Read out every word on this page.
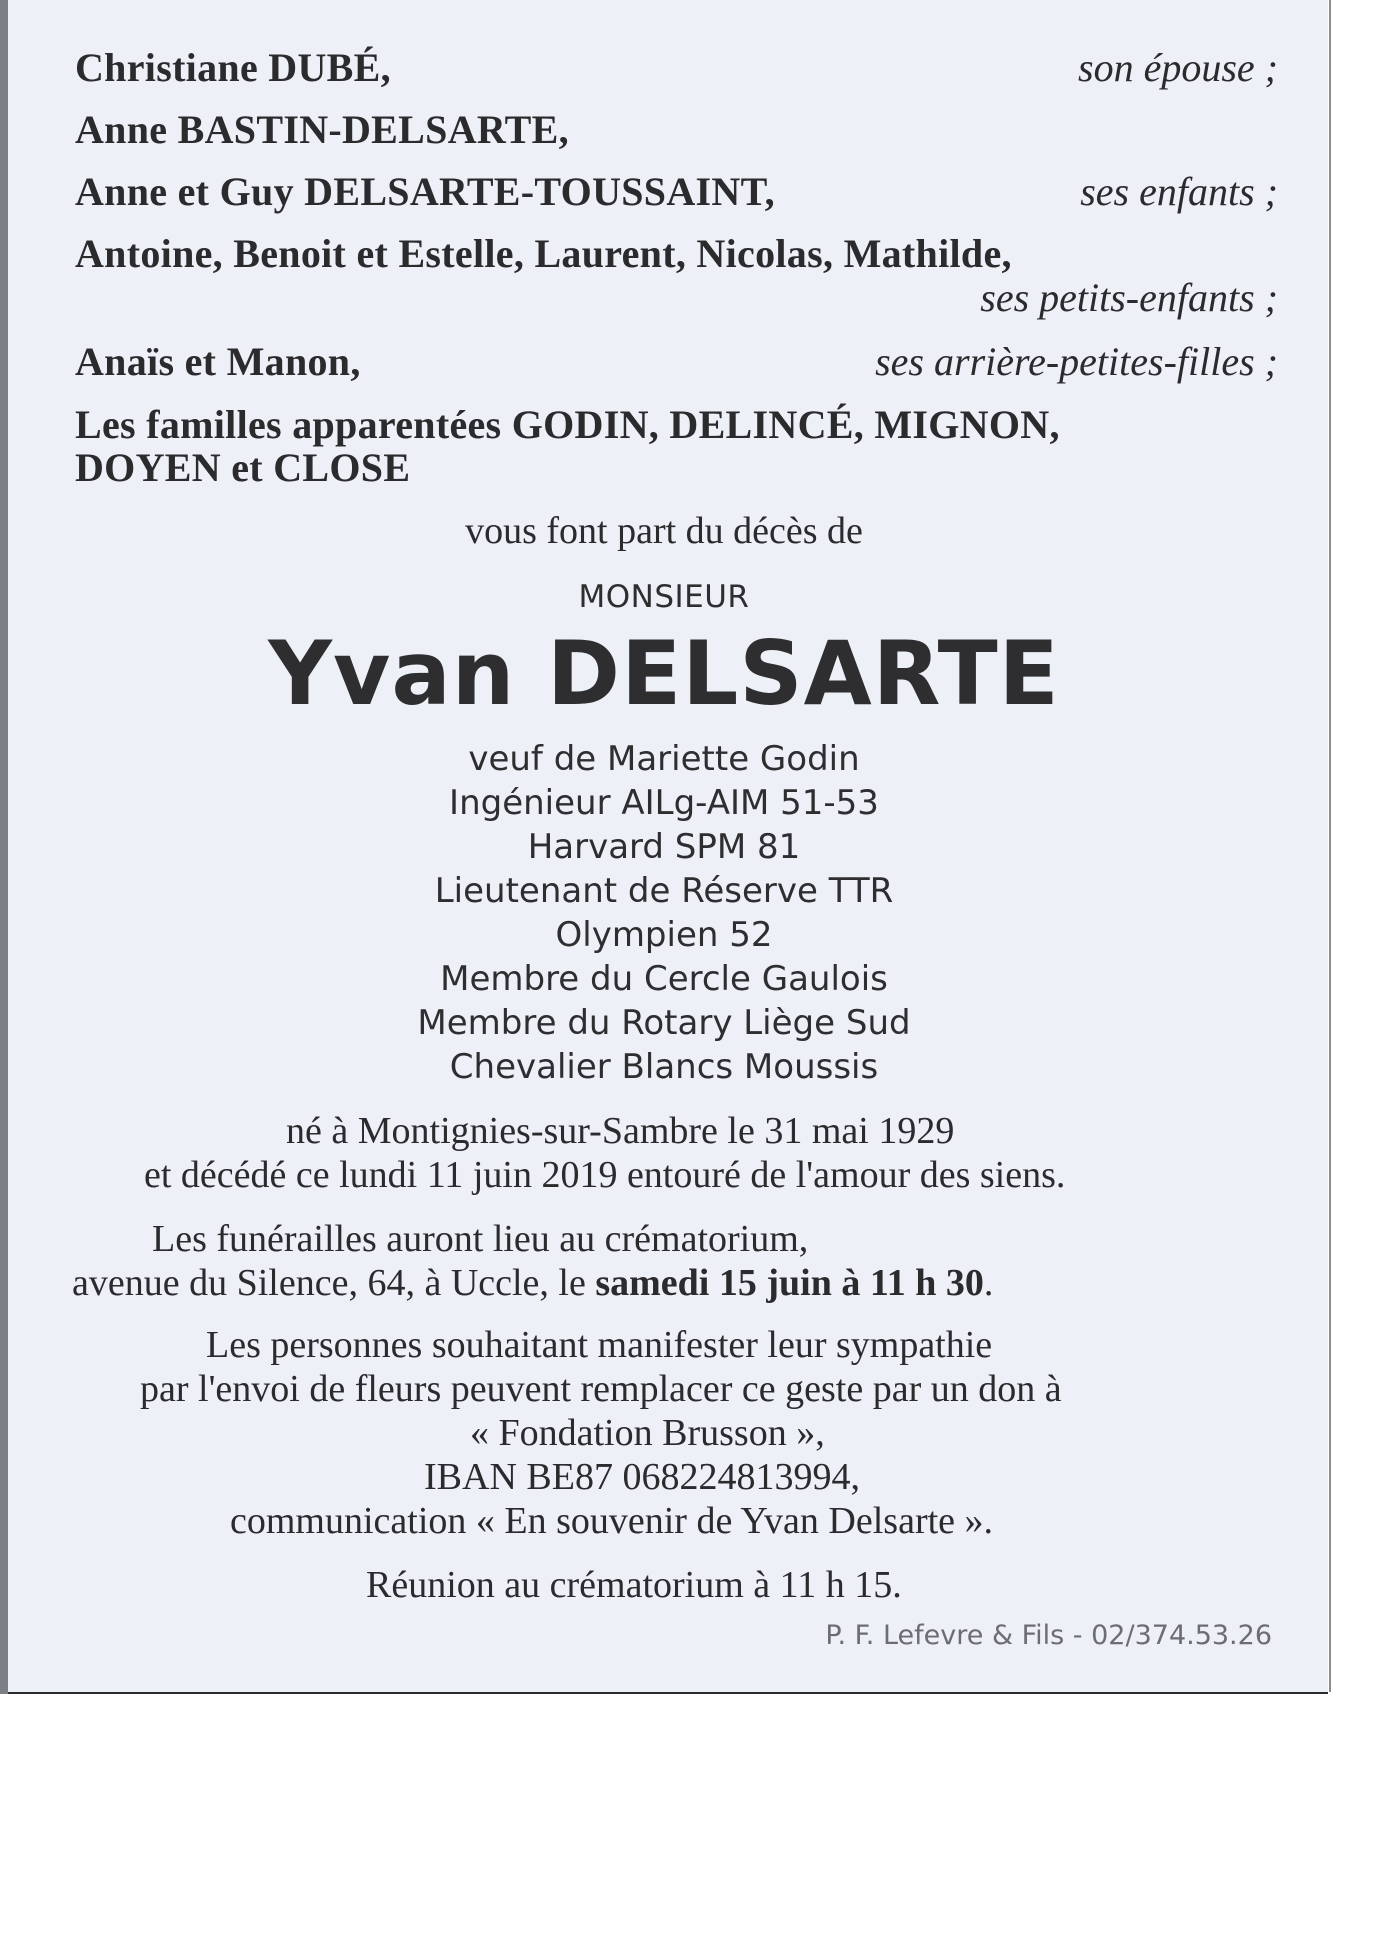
Christiane DUBÉ,	son épouse ;
Anne BASTIN-DELSARTE,
Anne et Guy DELSARTE-TOUSSAINT,	ses enfants ;
Antoine, Benoit et Estelle, Laurent, Nicolas, Mathilde,
ses petits-enfants ;
Anaïs et Manon,	ses arrière-petites-filles ;
Les familles apparentées GODIN, DELINCÉ, MIGNON,
DOYEN et CLOSE
vous font part du décès de
MONSIEUR
Yvan DELSARTE
veuf de Mariette Godin
Ingénieur AILg-AIM 51-53
Harvard SPM 81
Lieutenant de Réserve TTR
Olympien 52
Membre du Cercle Gaulois
Membre du Rotary Liège Sud
Chevalier Blancs Moussis
né à Montignies-sur-Sambre le 31 mai 1929
et décédé ce lundi 11 juin 2019 entouré de l'amour des siens.
Les funérailles auront lieu au crématorium,
avenue du Silence, 64, à Uccle, le samedi 15 juin à 11 h 30.
Les personnes souhaitant manifester leur sympathie
par l'envoi de fleurs peuvent remplacer ce geste par un don à
« Fondation Brusson »,
IBAN BE87 068224813994,
communication « En souvenir de Yvan Delsarte ».
Réunion au crématorium à 11 h 15.
P. F. Lefevre & Fils - 02/374.53.26
